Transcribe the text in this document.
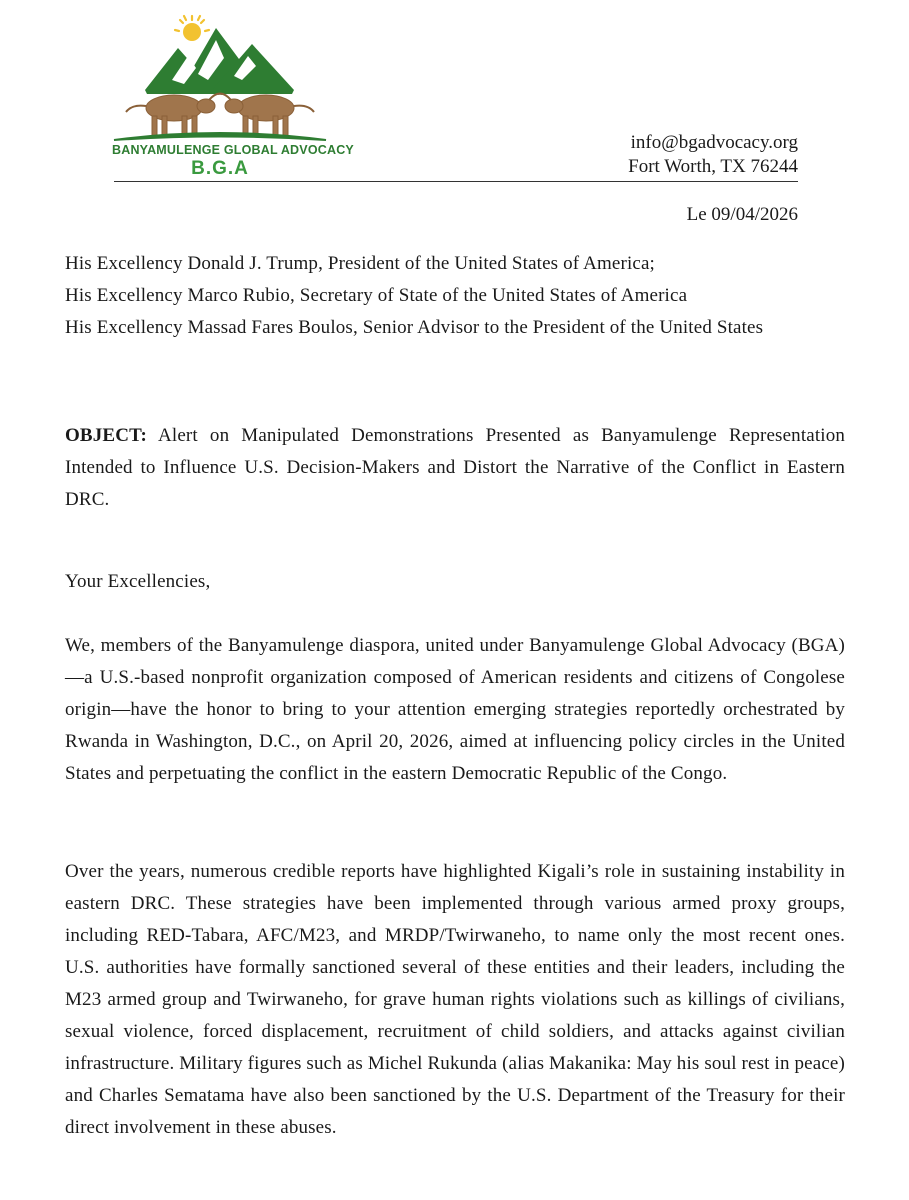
BANYAMULENGE GLOBAL ADVOCACY
B.G.A
info@bgadvocacy.org
Fort Worth, TX 76244
Le 09/04/2026
His Excellency Donald J. Trump, President of the United States of America;
His Excellency Marco Rubio, Secretary of State of the United States of America
His Excellency Massad Fares Boulos, Senior Advisor to the President of the United States

OBJECT: Alert on Manipulated Demonstrations Presented as Banyamulenge Representation Intended to Influence U.S. Decision-Makers and Distort the Narrative of the Conflict in Eastern DRC.

Your Excellencies,

We, members of the Banyamulenge diaspora, united under Banyamulenge Global Advocacy (BGA)—a U.S.-based nonprofit organization composed of American residents and citizens of Congolese origin—have the honor to bring to your attention emerging strategies reportedly orchestrated by Rwanda in Washington, D.C., on April 20, 2026, aimed at influencing policy circles in the United States and perpetuating the conflict in the eastern Democratic Republic of the Congo.

Over the years, numerous credible reports have highlighted Kigali’s role in sustaining instability in eastern DRC. These strategies have been implemented through various armed proxy groups, including RED-Tabara, AFC/M23, and MRDP/Twirwaneho, to name only the most recent ones. U.S. authorities have formally sanctioned several of these entities and their leaders, including the M23 armed group and Twirwaneho, for grave human rights violations such as killings of civilians, sexual violence, forced displacement, recruitment of child soldiers, and attacks against civilian infrastructure. Military figures such as Michel Rukunda (alias Makanika: May his soul rest in peace) and Charles Sematama have also been sanctioned by the U.S. Department of the Treasury for their direct involvement in these abuses.
